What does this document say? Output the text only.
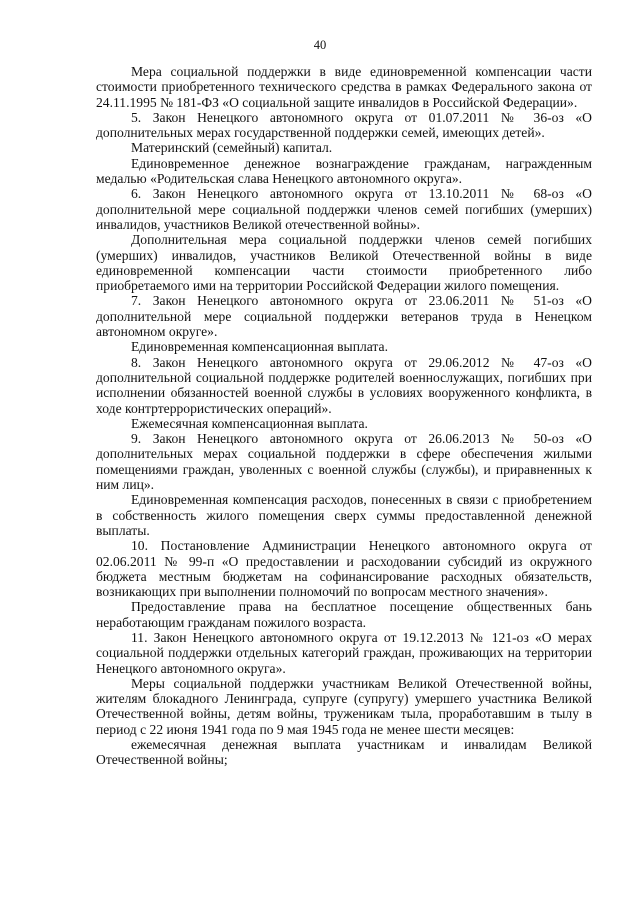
40

Мера социальной поддержки в виде единовременной компенсации части стоимости приобретенного технического средства в рамках Федерального закона от 24.11.1995 № 181-ФЗ «О социальной защите инвалидов в Российской Федерации».

5. Закон Ненецкого автономного округа от 01.07.2011 № 36-оз «О дополнительных мерах государственной поддержки семей, имеющих детей».

Материнский (семейный) капитал.

Единовременное денежное вознаграждение гражданам, награжденным медалью «Родительская слава Ненецкого автономного округа».

6. Закон Ненецкого автономного округа от 13.10.2011 № 68-оз «О дополнительной мере социальной поддержки членов семей погибших (умерших) инвалидов, участников Великой отечественной войны».

Дополнительная мера социальной поддержки членов семей погибших (умерших) инвалидов, участников Великой Отечественной войны в виде единовременной компенсации части стоимости приобретенного либо приобретаемого ими на территории Российской Федерации жилого помещения.

7. Закон Ненецкого автономного округа от 23.06.2011 № 51-оз «О дополнительной мере социальной поддержки ветеранов труда в Ненецком автономном округе».

Единовременная компенсационная выплата.

8. Закон Ненецкого автономного округа от 29.06.2012 № 47-оз «О дополнительной социальной поддержке родителей военнослужащих, погибших при исполнении обязанностей военной службы в условиях вооруженного конфликта, в ходе контртеррористических операций».

Ежемесячная компенсационная выплата.

9. Закон Ненецкого автономного округа от 26.06.2013 № 50-оз «О дополнительных мерах социальной поддержки в сфере обеспечения жилыми помещениями граждан, уволенных с военной службы (службы), и приравненных к ним лиц».

Единовременная компенсация расходов, понесенных в связи с приобретением в собственность жилого помещения сверх суммы предоставленной денежной выплаты.

10. Постановление Администрации Ненецкого автономного округа от 02.06.2011 № 99-п «О предоставлении и расходовании субсидий из окружного бюджета местным бюджетам на софинансирование расходных обязательств, возникающих при выполнении полномочий по вопросам местного значения».

Предоставление права на бесплатное посещение общественных бань неработающим гражданам пожилого возраста.

11. Закон Ненецкого автономного округа от 19.12.2013 № 121-оз «О мерах социальной поддержки отдельных категорий граждан, проживающих на территории Ненецкого автономного округа».

Меры социальной поддержки участникам Великой Отечественной войны, жителям блокадного Ленинграда, супруге (супругу) умершего участника Великой Отечественной войны, детям войны, труженикам тыла, проработавшим в тылу в период с 22 июня 1941 года по 9 мая 1945 года не менее шести месяцев:

ежемесячная денежная выплата участникам и инвалидам Великой Отечественной войны;
